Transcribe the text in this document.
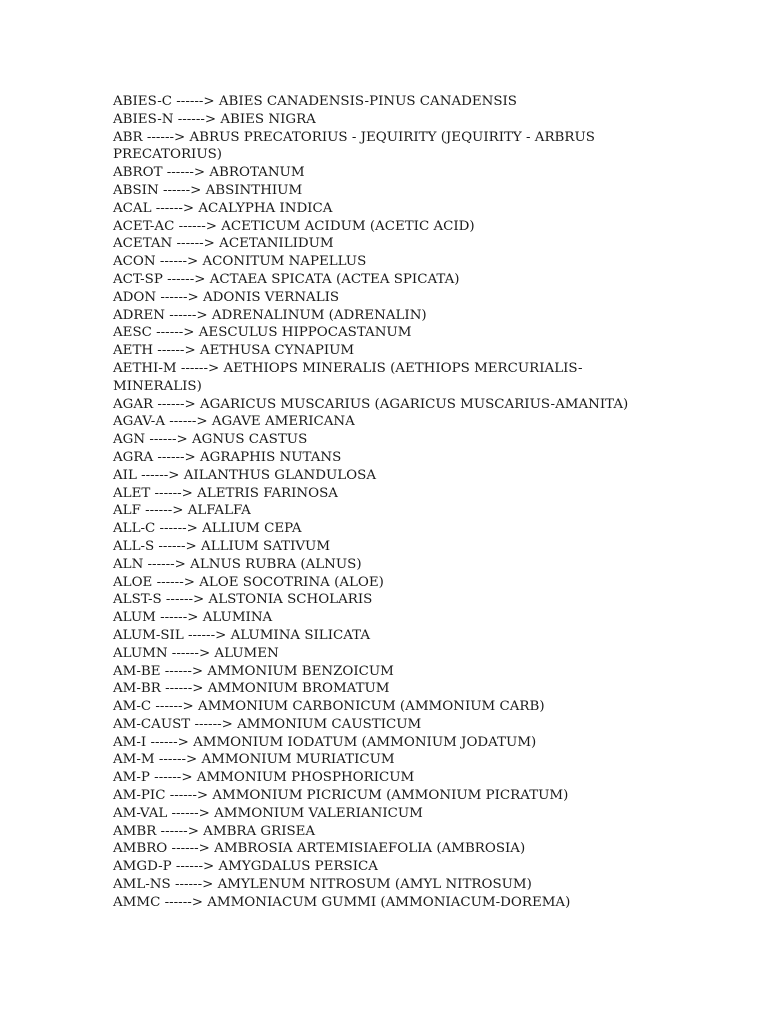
ABIES-C ------> ABIES CANADENSIS-PINUS CANADENSIS
ABIES-N ------> ABIES NIGRA
ABR ------> ABRUS PRECATORIUS - JEQUIRITY (JEQUIRITY - ARBRUS PRECATORIUS)
ABROT ------> ABROTANUM
ABSIN ------> ABSINTHIUM
ACAL ------> ACALYPHA INDICA
ACET-AC ------> ACETICUM ACIDUM (ACETIC ACID)
ACETAN ------> ACETANILIDUM
ACON ------> ACONITUM NAPELLUS
ACT-SP ------> ACTAEA SPICATA (ACTEA SPICATA)
ADON ------> ADONIS VERNALIS
ADREN ------> ADRENALINUM (ADRENALIN)
AESC ------> AESCULUS HIPPOCASTANUM
AETH ------> AETHUSA CYNAPIUM
AETHI-M ------> AETHIOPS MINERALIS (AETHIOPS MERCURIALIS-MINERALIS)
AGAR ------> AGARICUS MUSCARIUS (AGARICUS MUSCARIUS-AMANITA)
AGAV-A ------> AGAVE AMERICANA
AGN ------> AGNUS CASTUS
AGRA ------> AGRAPHIS NUTANS
AIL ------> AILANTHUS GLANDULOSA
ALET ------> ALETRIS FARINOSA
ALF ------> ALFALFA
ALL-C ------> ALLIUM CEPA
ALL-S ------> ALLIUM SATIVUM
ALN ------> ALNUS RUBRA (ALNUS)
ALOE ------> ALOE SOCOTRINA (ALOE)
ALST-S ------> ALSTONIA SCHOLARIS
ALUM ------> ALUMINA
ALUM-SIL ------> ALUMINA SILICATA
ALUMN ------> ALUMEN
AM-BE ------> AMMONIUM BENZOICUM
AM-BR ------> AMMONIUM BROMATUM
AM-C ------> AMMONIUM CARBONICUM (AMMONIUM CARB)
AM-CAUST ------> AMMONIUM CAUSTICUM
AM-I ------> AMMONIUM IODATUM (AMMONIUM JODATUM)
AM-M ------> AMMONIUM MURIATICUM
AM-P ------> AMMONIUM PHOSPHORICUM
AM-PIC ------> AMMONIUM PICRICUM (AMMONIUM PICRATUM)
AM-VAL ------> AMMONIUM VALERIANICUM
AMBR ------> AMBRA GRISEA
AMBRO ------> AMBROSIA ARTEMISIAEFOLIA (AMBROSIA)
AMGD-P ------> AMYGDALUS PERSICA
AML-NS ------> AMYLENUM NITROSUM (AMYL NITROSUM)
AMMC ------> AMMONIACUM GUMMI (AMMONIACUM-DOREMA)
